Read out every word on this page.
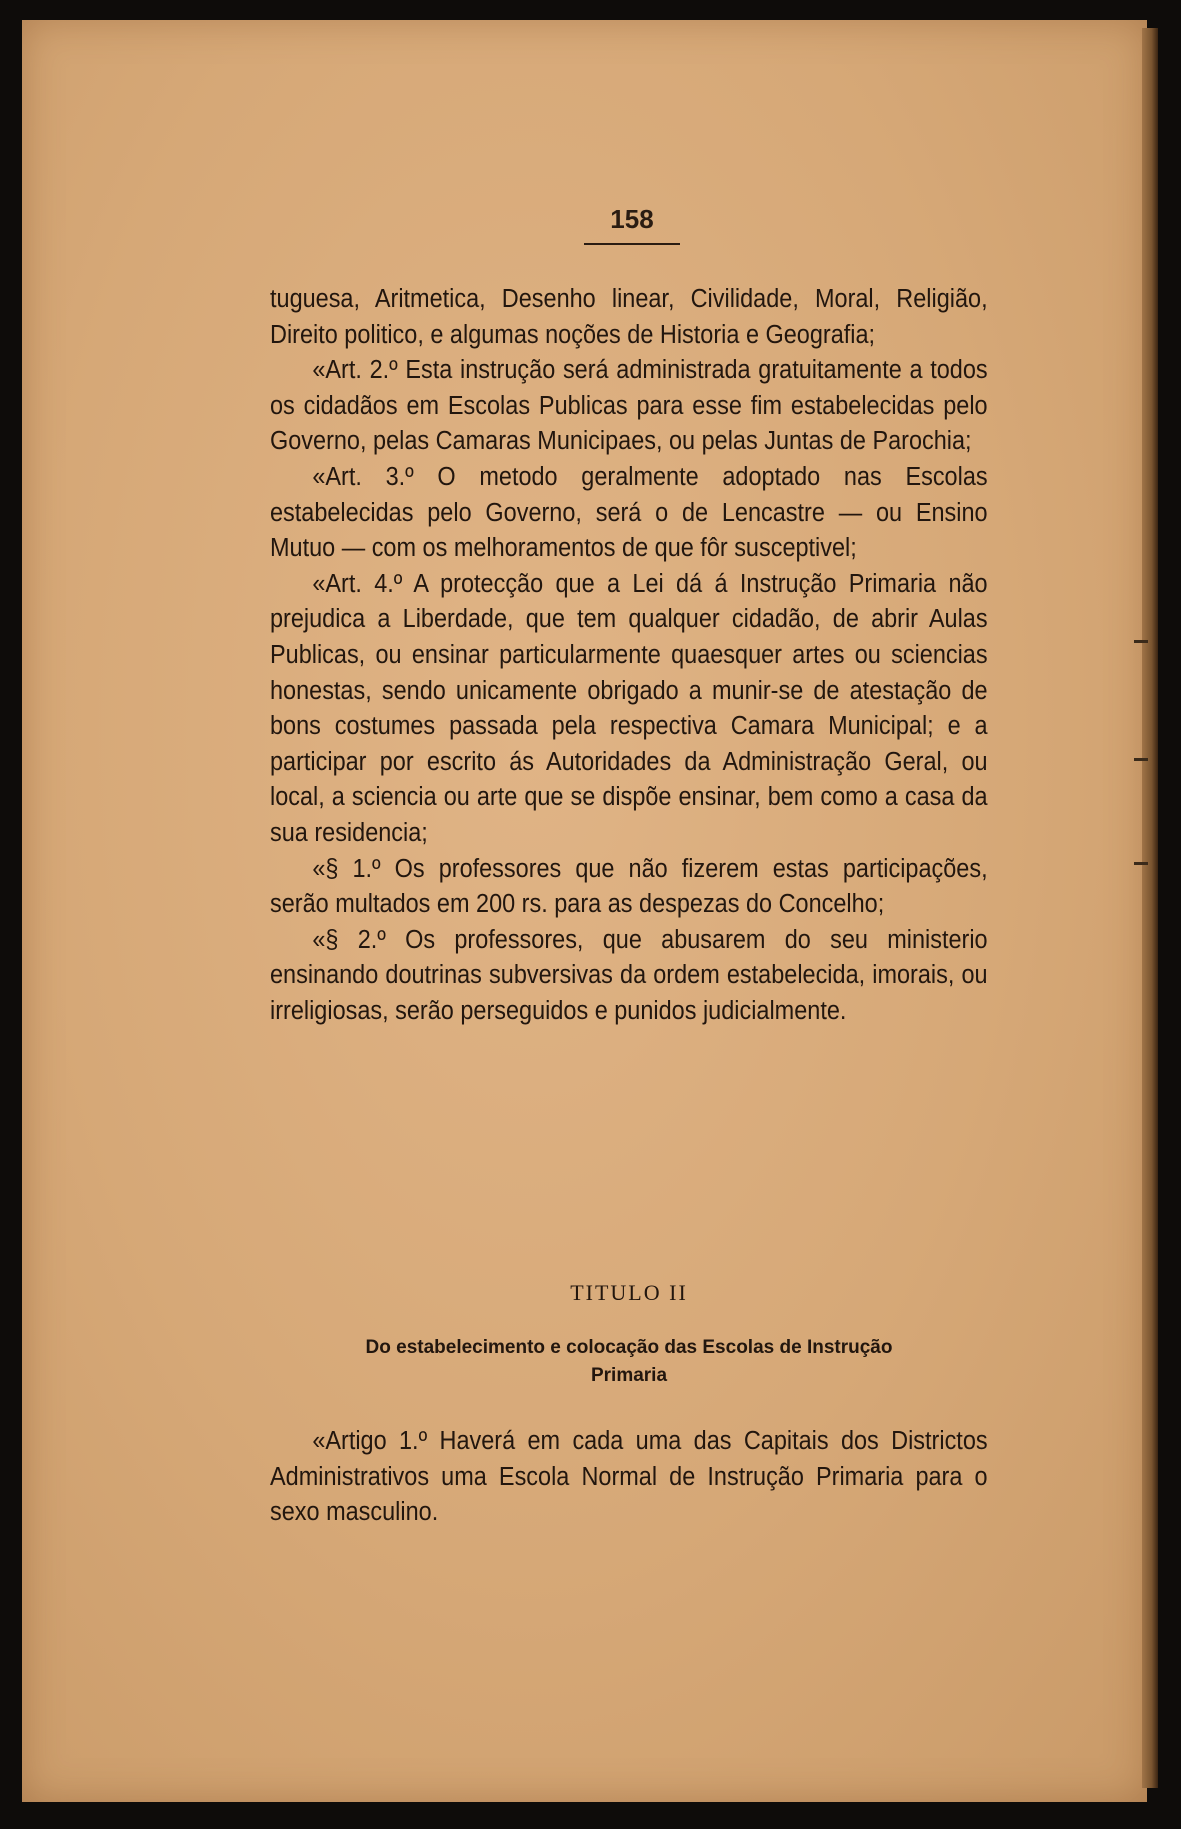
158

tuguesa, Aritmetica, Desenho linear, Civilidade, Moral, Religião, Direito politico, e algumas noções de Historia e Geografia;

«Art. 2.º Esta instrução será administrada gratuitamente a todos os cidadãos em Escolas Publicas para esse fim estabelecidas pelo Governo, pelas Camaras Municipaes, ou pelas Juntas de Parochia;

«Art. 3.º O metodo geralmente adoptado nas Escolas estabelecidas pelo Governo, será o de Lencastre — ou Ensino Mutuo — com os melhoramentos de que fôr susceptivel;

«Art. 4.º A protecção que a Lei dá á Instrução Primaria não prejudica a Liberdade, que tem qualquer cidadão, de abrir Aulas Publicas, ou ensinar particularmente quaesquer artes ou sciencias honestas, sendo unicamente obrigado a munir-se de atestação de bons costumes passada pela respectiva Camara Municipal; e a participar por escrito ás Autoridades da Administração Geral, ou local, a sciencia ou arte que se dispõe ensinar, bem como a casa da sua residencia;

«§ 1.º Os professores que não fizerem estas participações, serão multados em 200 rs. para as despezas do Concelho;

«§ 2.º Os professores, que abusarem do seu ministerio ensinando doutrinas subversivas da ordem estabelecida, imorais, ou irreligiosas, serão perseguidos e punidos judicialmente.

TITULO II
Do estabelecimento e colocação das Escolas de Instrução
Primaria

«Artigo 1.º Haverá em cada uma das Capitais dos Districtos Administrativos uma Escola Normal de Instrução Primaria para o sexo masculino.
